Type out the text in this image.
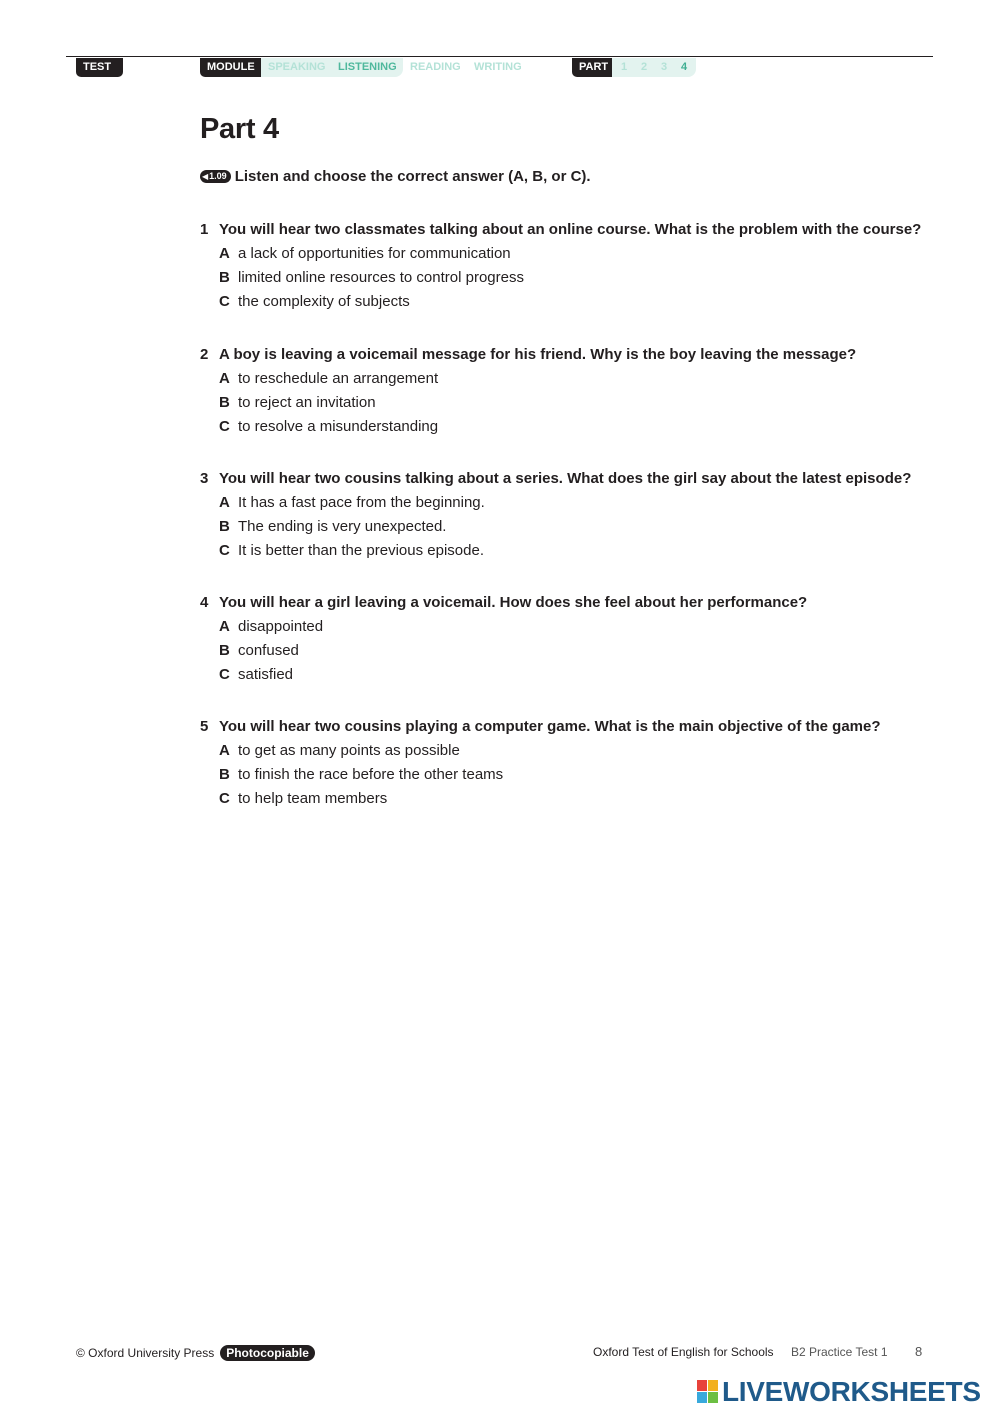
TEST 1
MODULE	SPEAKING LISTENING READING WRITING	PART	1 2 3 4
Part 4
◀ 1.09 Listen and choose the correct answer (A, B, or C).
1 You will hear two classmates talking about an online course. What is the problem with the course?
A a lack of opportunities for communication
B limited online resources to control progress
C the complexity of subjects
2 A boy is leaving a voicemail message for his friend. Why is the boy leaving the message?
A to reschedule an arrangement
B to reject an invitation
C to resolve a misunderstanding
3 You will hear two cousins talking about a series. What does the girl say about the latest episode?
A It has a fast pace from the beginning.
B The ending is very unexpected.
C It is better than the previous episode.
4 You will hear a girl leaving a voicemail. How does she feel about her performance?
A disappointed
B confused
C satisfied
5 You will hear two cousins playing a computer game. What is the main objective of the game?
A to get as many points as possible
B to finish the race before the other teams
C to help team members
© Oxford University Press	Photocopiable	Oxford Test of English for Schools B2 Practice Test 1 8
LIVEWORKSHEETS
